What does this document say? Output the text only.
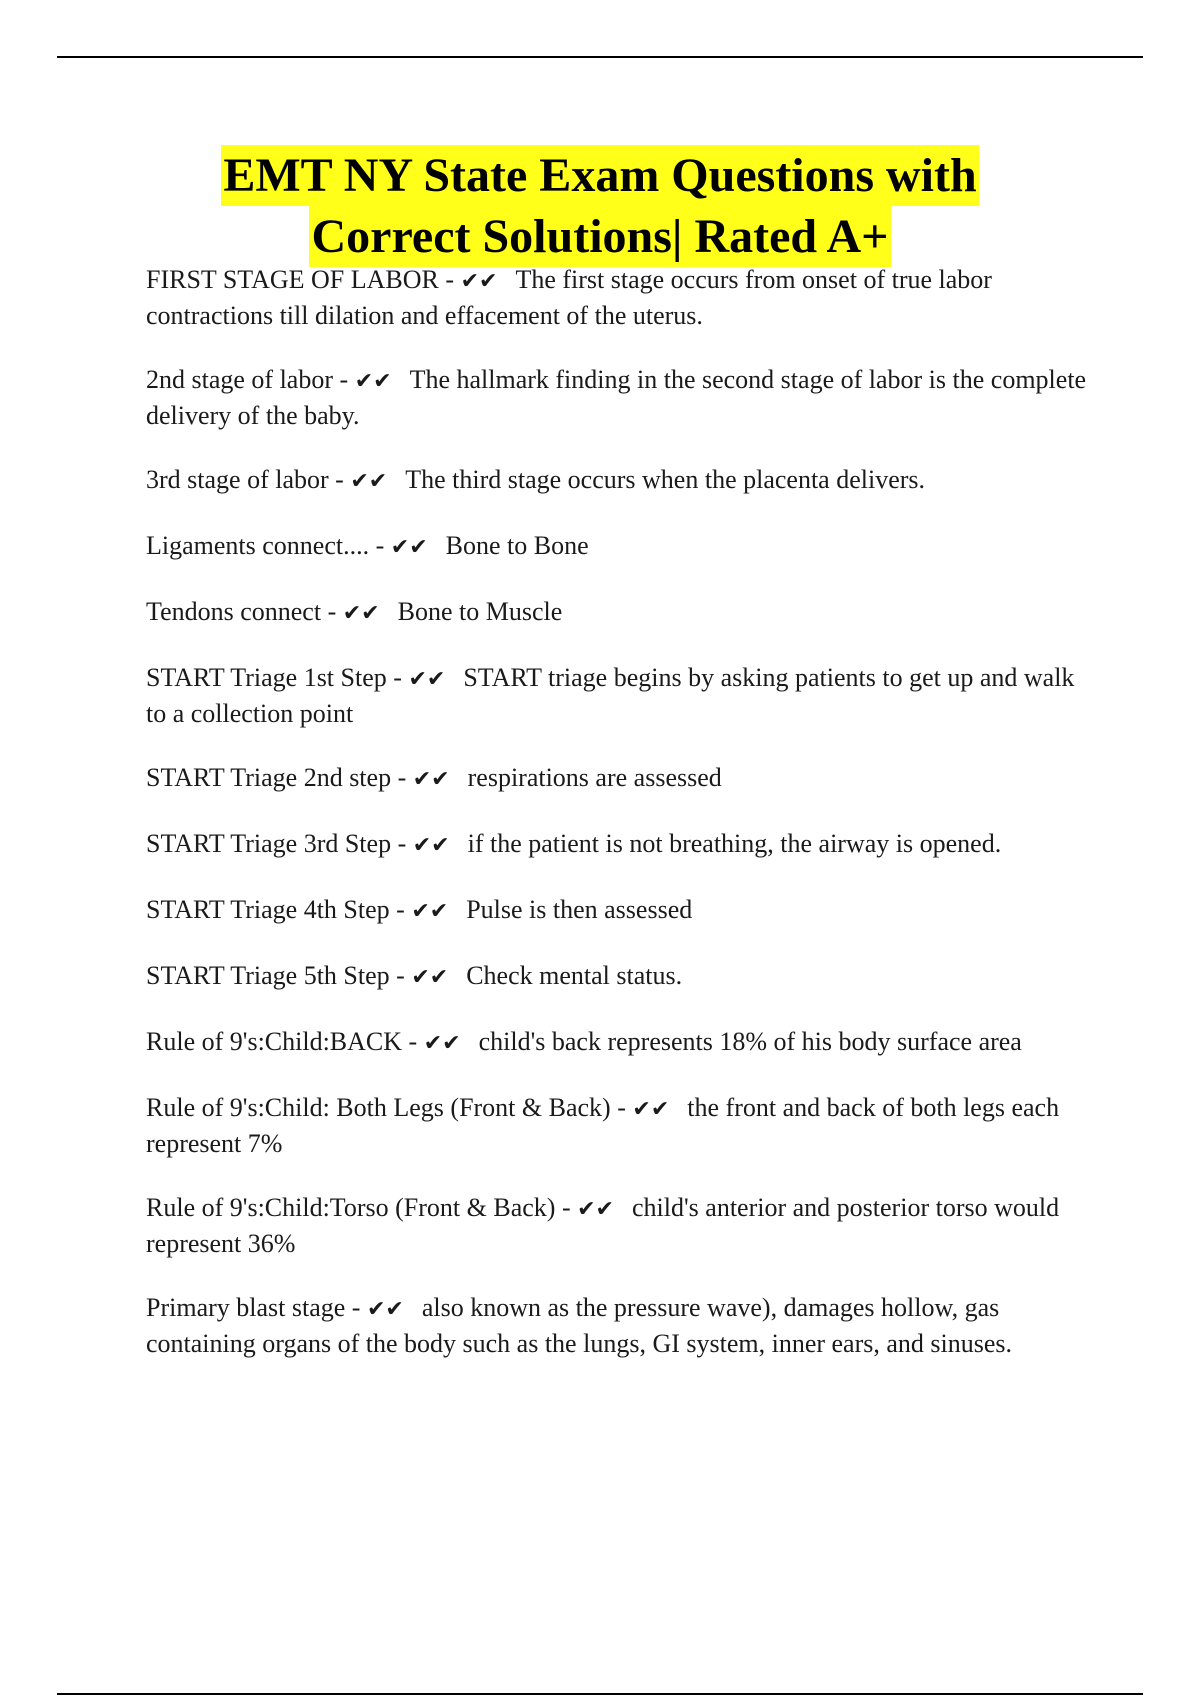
EMT NY State Exam Questions with
Correct Solutions| Rated A+

FIRST STAGE OF LABOR - ✔✔ The first stage occurs from onset of true labor contractions till dilation and effacement of the uterus.

2nd stage of labor - ✔✔ The hallmark finding in the second stage of labor is the complete delivery of the baby.

3rd stage of labor - ✔✔ The third stage occurs when the placenta delivers.

Ligaments connect.... - ✔✔ Bone to Bone

Tendons connect - ✔✔ Bone to Muscle

START Triage 1st Step - ✔✔ START triage begins by asking patients to get up and walk to a collection point

START Triage 2nd step - ✔✔ respirations are assessed

START Triage 3rd Step - ✔✔ if the patient is not breathing, the airway is opened.

START Triage 4th Step - ✔✔ Pulse is then assessed

START Triage 5th Step - ✔✔ Check mental status.

Rule of 9's:Child:BACK - ✔✔ child's back represents 18% of his body surface area

Rule of 9's:Child: Both Legs (Front & Back) - ✔✔ the front and back of both legs each represent 7%

Rule of 9's:Child:Torso (Front & Back) - ✔✔ child's anterior and posterior torso would represent 36%

Primary blast stage - ✔✔ also known as the pressure wave), damages hollow, gas containing organs of the body such as the lungs, GI system, inner ears, and sinuses.
